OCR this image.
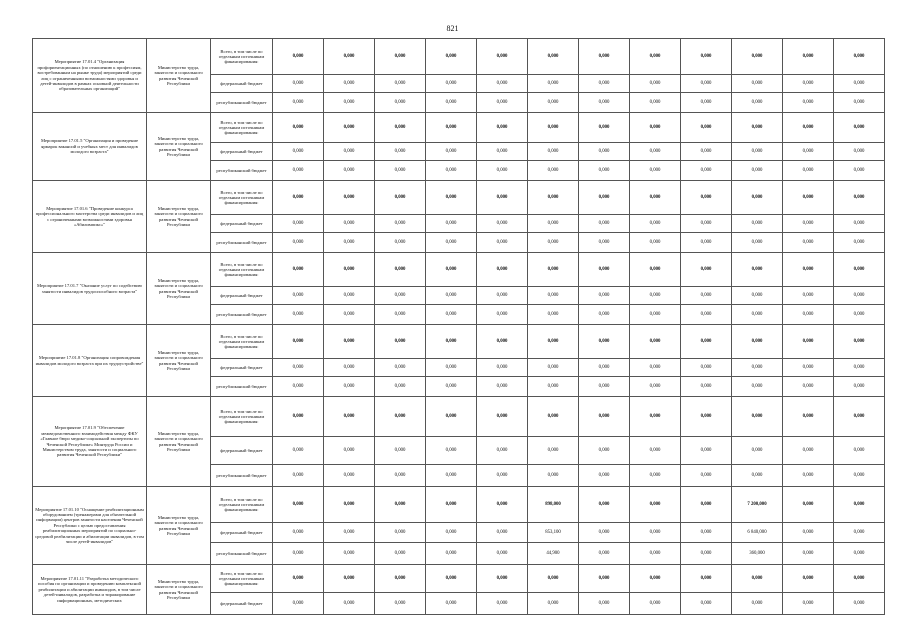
821
Мероприятие 17.01.4 "Организация профориентационных (по отношению к профессиям, востребованным на рынке труда) мероприятий среди лиц с ограниченными возможностями здоровья и детей-инвалидов в рамках основной деятельности образовательных организаций"	Министерство труда, занятости и социального развития Чеченской Республики	Всего, в том числе по отдельным источникам финансирования:	0,000	0,000	0,000	0,000	0,000	0,000	0,000	0,000	0,000	0,000	0,000	0,000
		федеральный бюджет	0,000	0,000	0,000	0,000	0,000	0,000	0,000	0,000	0,000	0,000	0,000	0,000
		республиканский бюджет	0,000	0,000	0,000	0,000	0,000	0,000	0,000	0,000	0,000	0,000	0,000	0,000
Мероприятие 17.01.5 "Организация и проведение ярмарок вакансий и учебных мест для инвалидов молодого возраста"	Министерство труда, занятости и социального развития Чеченской Республики	Всего, в том числе по отдельным источникам финансирования:	0,000	0,000	0,000	0,000	0,000	0,000	0,000	0,000	0,000	0,000	0,000	0,000
		федеральный бюджет	0,000	0,000	0,000	0,000	0,000	0,000	0,000	0,000	0,000	0,000	0,000	0,000
		республиканский бюджет	0,000	0,000	0,000	0,000	0,000	0,000	0,000	0,000	0,000	0,000	0,000	0,000
Мероприятие 17.01.6 "Проведение конкурса профессионального мастерства среди инвалидов и лиц с ограниченными возможностями здоровья «Абилимпикс»"	Министерство труда, занятости и социального развития Чеченской Республики	Всего, в том числе по отдельным источникам финансирования:	0,000	0,000	0,000	0,000	0,000	0,000	0,000	0,000	0,000	0,000	0,000	0,000
		федеральный бюджет	0,000	0,000	0,000	0,000	0,000	0,000	0,000	0,000	0,000	0,000	0,000	0,000
		республиканский бюджет	0,000	0,000	0,000	0,000	0,000	0,000	0,000	0,000	0,000	0,000	0,000	0,000
Мероприятие 17.01.7 "Оказание услуг по содействию занятости инвалидов трудоспособного возраста"	Министерство труда, занятости и социального развития Чеченской Республики	Всего, в том числе по отдельным источникам финансирования:	0,000	0,000	0,000	0,000	0,000	0,000	0,000	0,000	0,000	0,000	0,000	0,000
		федеральный бюджет	0,000	0,000	0,000	0,000	0,000	0,000	0,000	0,000	0,000	0,000	0,000	0,000
		республиканский бюджет	0,000	0,000	0,000	0,000	0,000	0,000	0,000	0,000	0,000	0,000	0,000	0,000
Мероприятие 17.01.8 "Организация сопровождения инвалидов молодого возраста при их трудоустройстве"	Министерство труда, занятости и социального развития Чеченской Республики	Всего, в том числе по отдельным источникам финансирования:	0,000	0,000	0,000	0,000	0,000	0,000	0,000	0,000	0,000	0,000	0,000	0,000
		федеральный бюджет	0,000	0,000	0,000	0,000	0,000	0,000	0,000	0,000	0,000	0,000	0,000	0,000
		республиканский бюджет	0,000	0,000	0,000	0,000	0,000	0,000	0,000	0,000	0,000	0,000	0,000	0,000
Мероприятие 17.01.9 "Обеспечение межведомственного взаимодействия между ФКУ «Главное бюро медико-социальной экспертизы по Чеченской Республике» Минтруда России и Министерством труда, занятости и социального развития Чеченской Республики"	Министерство труда, занятости и социального развития Чеченской Республики	Всего, в том числе по отдельным источникам финансирования:	0,000	0,000	0,000	0,000	0,000	0,000	0,000	0,000	0,000	0,000	0,000	0,000
		федеральный бюджет	0,000	0,000	0,000	0,000	0,000	0,000	0,000	0,000	0,000	0,000	0,000	0,000
		республиканский бюджет	0,000	0,000	0,000	0,000	0,000	0,000	0,000	0,000	0,000	0,000	0,000	0,000
Мероприятие 17.01.10 "Оснащение реабилитационным оборудованием (тренажерами для обязательной информации) центров занятости населения Чеченской Республики с целью предоставления реабилитационных мероприятий по социально-средовой реабилитации и абилитации инвалидов, в том числе детей-инвалидов"	Министерство труда, занятости и социального развития Чеченской Республики	Всего, в том числе по отдельным источникам финансирования:	0,000	0,000	0,000	0,000	0,000	898,000	0,000	0,000	0,000	7 200,000	0,000	0,000
		федеральный бюджет	0,000	0,000	0,000	0,000	0,000	853,100	0,000	0,000	0,000	6 840,000	0,000	0,000
		республиканский бюджет	0,000	0,000	0,000	0,000	0,000	44,900	0,000	0,000	0,000	360,000	0,000	0,000
Мероприятие 17.01.11 "Разработка методического пособия по организации и проведению комплексной реабилитации и абилитации инвалидов, в том числе детей-инвалидов, разработка и тиражирование информационных, методических	Министерство труда, занятости и социального развития Чеченской Республики	Всего, в том числе по отдельным источникам финансирования:	0,000	0,000	0,000	0,000	0,000	0,000	0,000	0,000	0,000	0,000	0,000	0,000
		федеральный бюджет	0,000	0,000	0,000	0,000	0,000	0,000	0,000	0,000	0,000	0,000	0,000	0,000
